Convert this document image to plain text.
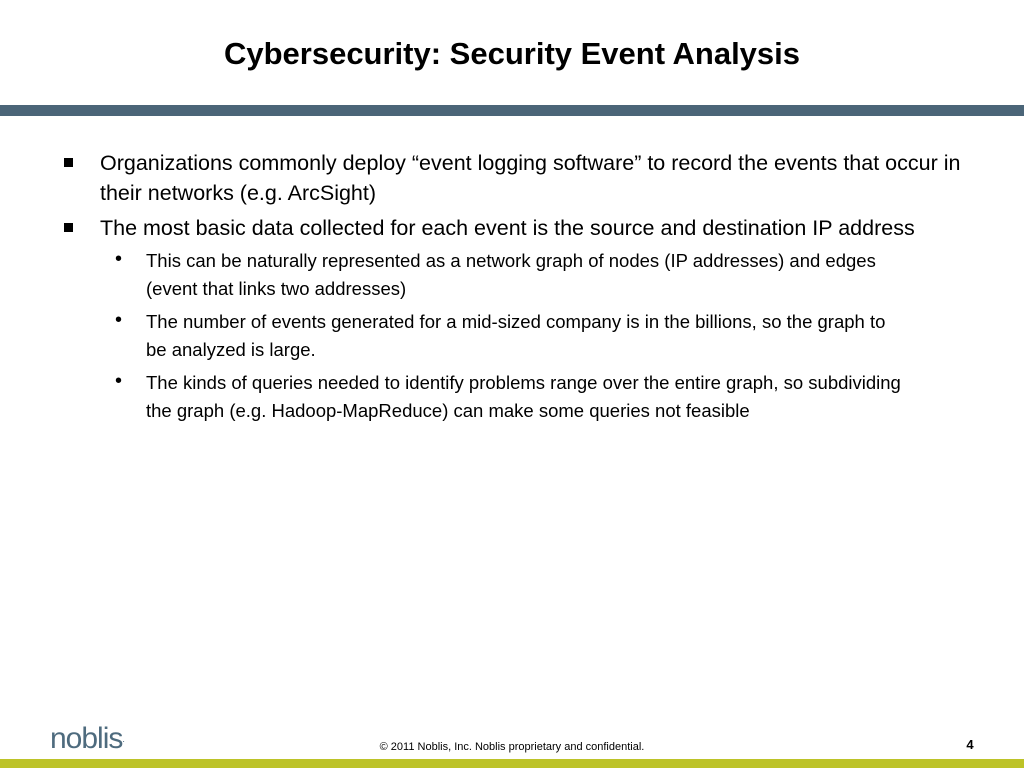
Cybersecurity: Security Event Analysis
Organizations commonly deploy “event logging software” to record the events that occur in their networks (e.g. ArcSight)
The most basic data collected for each event is the source and destination IP address
• This can be naturally represented as a network graph of nodes (IP addresses) and edges (event that links two addresses)
• The number of events generated for a mid-sized company is in the billions, so the graph to be analyzed is large.
• The kinds of queries needed to identify problems range over the entire graph, so subdividing the graph (e.g. Hadoop-MapReduce) can make some queries not feasible
noblis.
© 2011 Noblis, Inc. Noblis proprietary and confidential.	4
